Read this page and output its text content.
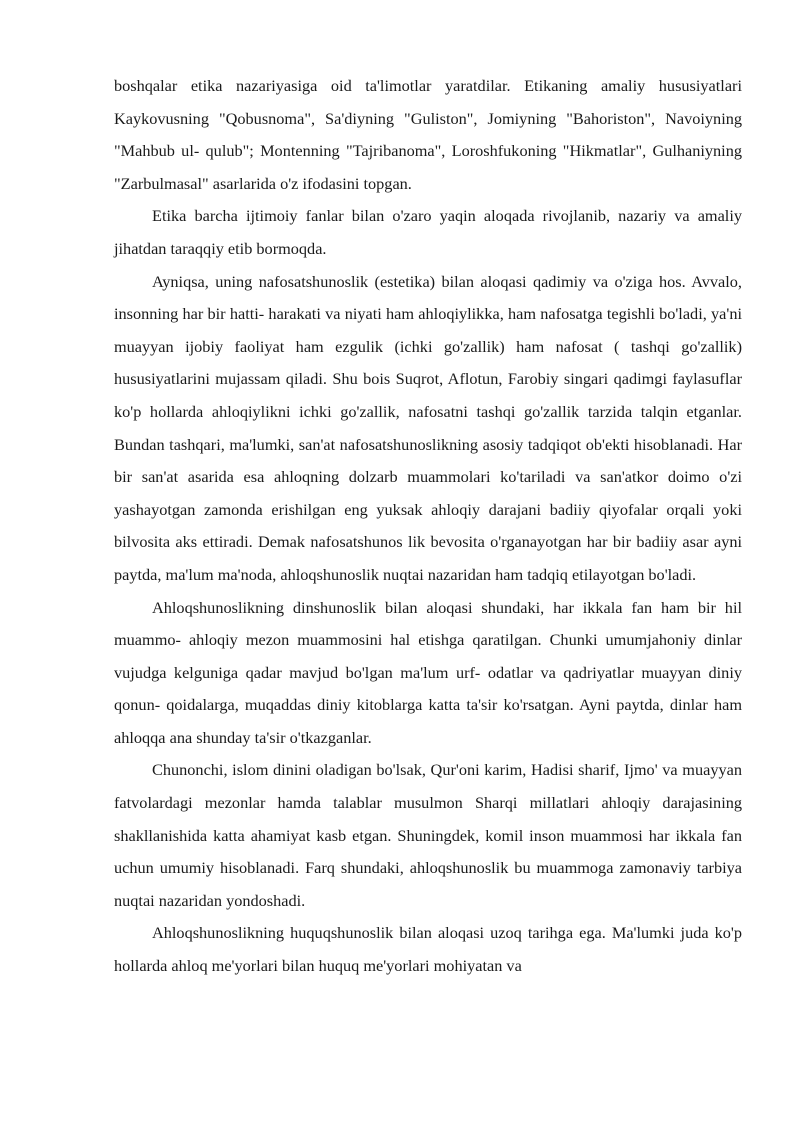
boshqalar etika nazariyasiga oid ta'limotlar yaratdilar. Etikaning amaliy hususiyatlari Kaykovusning "Qobusnoma", Sa'diyning "Guliston", Jomiyning "Bahoriston", Navoiyning "Mahbub ul- qulub"; Montenning "Tajribanoma", Loroshfukoning "Hikmatlar", Gulhaniyning "Zarbulmasal" asarlarida o'z ifodasini topgan.

Etika barcha ijtimoiy fanlar bilan o'zaro yaqin aloqada rivojlanib, nazariy va amaliy jihatdan taraqqiy etib bormoqda.

Ayniqsa, uning nafosatshunoslik (estetika) bilan aloqasi qadimiy va o'ziga hos. Avvalo, insonning har bir hatti- harakati va niyati ham ahloqiylikka, ham nafosatga tegishli bo'ladi, ya'ni muayyan ijobiy faoliyat ham ezgulik (ichki go'zallik) ham nafosat ( tashqi go'zallik) hususiyatlarini mujassam qiladi. Shu bois Suqrot, Aflotun, Farobiy singari qadimgi faylasuflar ko'p hollarda ahloqiylikni ichki go'zallik, nafosatni tashqi go'zallik tarzida talqin etganlar. Bundan tashqari, ma'lumki, san'at nafosatshunoslikning asosiy tadqiqot ob'ekti hisoblanadi. Har bir san'at asarida esa ahloqning dolzarb muammolari ko'tariladi va san'atkor doimo o'zi yashayotgan zamonda erishilgan eng yuksak ahloqiy darajani badiiy qiyofalar orqali yoki bilvosita aks ettiradi. Demak nafosatshunos lik bevosita o'rganayotgan har bir badiiy asar ayni paytda, ma'lum ma'noda, ahloqshunoslik nuqtai nazaridan ham tadqiq etilayotgan bo'ladi.

Ahloqshunoslikning dinshunoslik bilan aloqasi shundaki, har ikkala fan ham bir hil muammo- ahloqiy mezon muammosini hal etishga qaratilgan. Chunki umumjahoniy dinlar vujudga kelguniga qadar mavjud bo'lgan ma'lum urf- odatlar va qadriyatlar muayyan diniy qonun- qoidalarga, muqaddas diniy kitoblarga katta ta'sir ko'rsatgan. Ayni paytda, dinlar ham ahloqqa ana shunday ta'sir o'tkazganlar.

Chunonchi, islom dinini oladigan bo'lsak, Qur'oni karim, Hadisi sharif, Ijmo' va muayyan fatvolardagi mezonlar hamda talablar musulmon Sharqi millatlari ahloqiy darajasining shakllanishida katta ahamiyat kasb etgan. Shuningdek, komil inson muammosi har ikkala fan uchun umumiy hisoblanadi. Farq shundaki, ahloqshunoslik bu muammoga zamonaviy tarbiya nuqtai nazaridan yondoshadi.

Ahloqshunoslikning huquqshunoslik bilan aloqasi uzoq tarihga ega. Ma'lumki juda ko'p hollarda ahloq me'yorlari bilan huquq me'yorlari mohiyatan va
